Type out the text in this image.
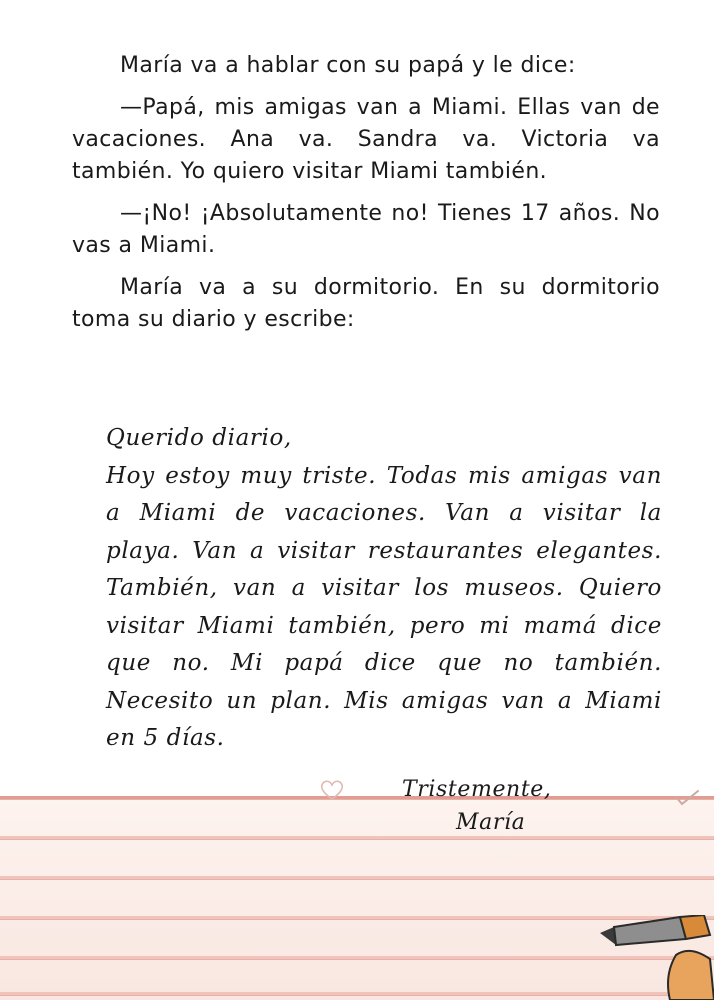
María va a hablar con su papá y le dice:

—Papá, mis amigas van a Miami. Ellas van de vacaciones. Ana va. Sandra va. Victoria va también. Yo quiero visitar Miami también.

—¡No! ¡Absolutamente no! Tienes 17 años. No vas a Miami.

María va a su dormitorio. En su dormitorio toma su diario y escribe:

Querido diario,

Hoy estoy muy triste. Todas mis amigas van a Miami de vacaciones. Van a visitar la playa. Van a visitar restaurantes elegantes. También, van a visitar los museos. Quiero visitar Miami también, pero mi mamá dice que no. Mi papá dice que no también. Necesito un plan. Mis amigas van a Miami en 5 días.

Tristemente,
María
